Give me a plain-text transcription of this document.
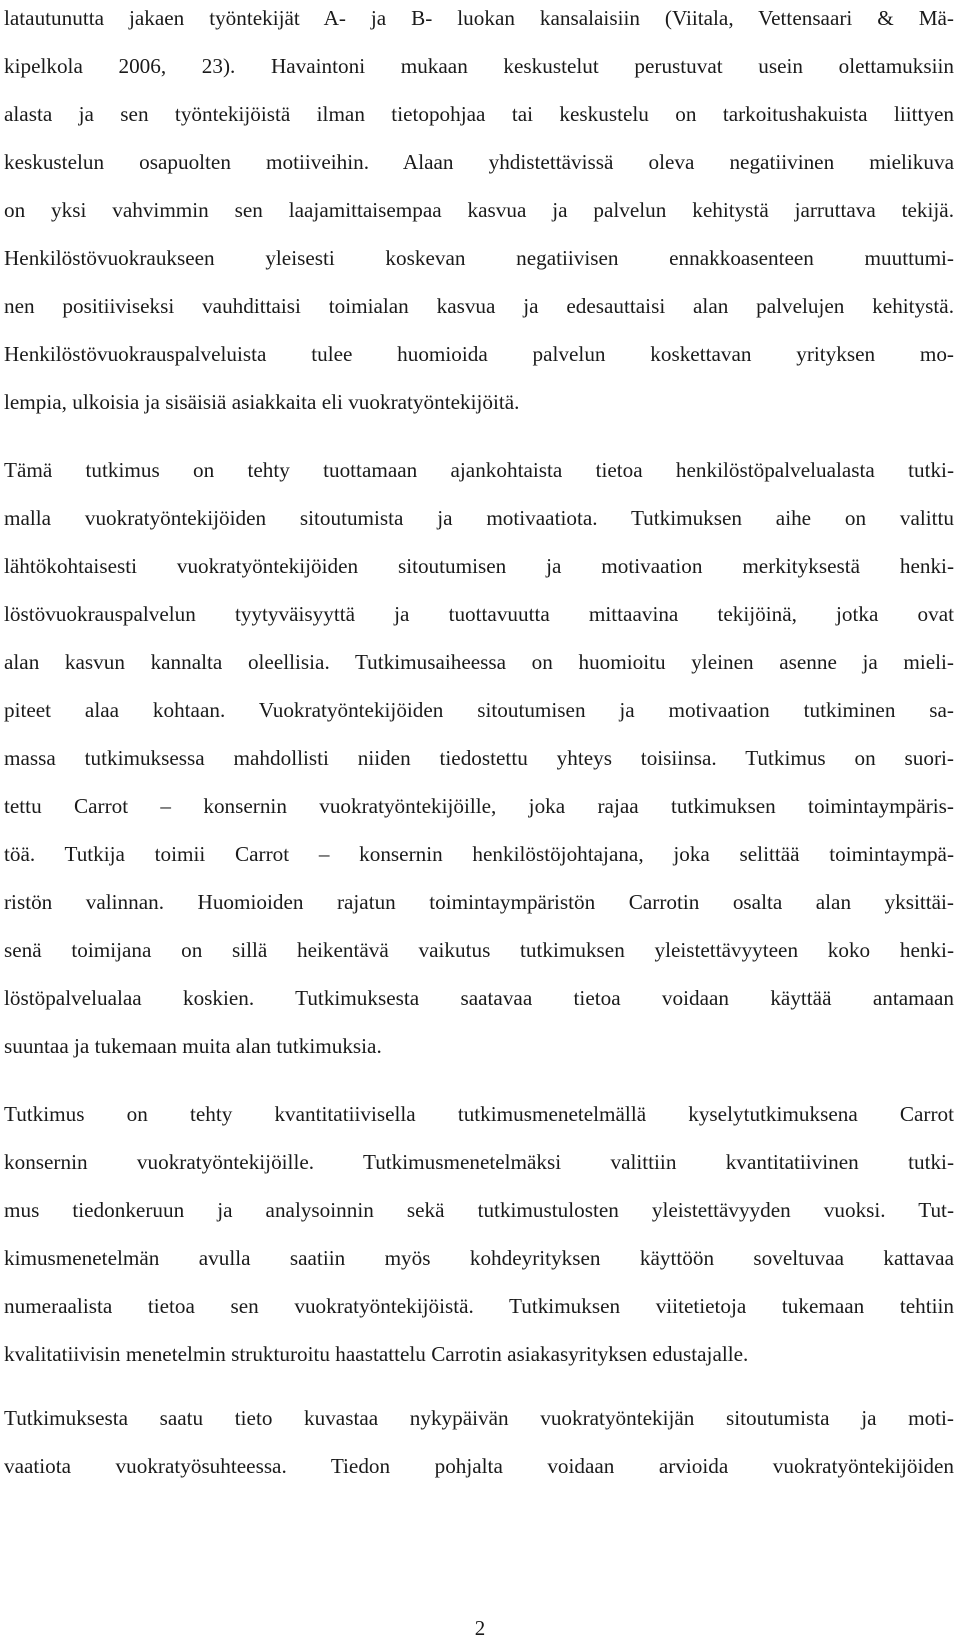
latautunutta jakaen työntekijät A- ja B- luokan kansalaisiin (Viitala, Vettensaari & Mä-
kipelkola 2006, 23). Havaintoni mukaan keskustelut perustuvat usein olettamuksiin
alasta ja sen työntekijöistä ilman tietopohjaa tai keskustelu on tarkoitushakuista liittyen
keskustelun osapuolten motiiveihin. Alaan yhdistettävissä oleva negatiivinen mielikuva
on yksi vahvimmin sen laajamittaisempaa kasvua ja palvelun kehitystä jarruttava tekijä.
Henkilöstövuokraukseen yleisesti koskevan negatiivisen ennakkoasenteen muuttumi-
nen positiiviseksi vauhdittaisi toimialan kasvua ja edesauttaisi alan palvelujen kehitystä.
Henkilöstövuokrauspalveluista tulee huomioida palvelun koskettavan yrityksen mo-
lempia, ulkoisia ja sisäisiä asiakkaita eli vuokratyöntekijöitä.
Tämä tutkimus on tehty tuottamaan ajankohtaista tietoa henkilöstöpalvelualasta tutki-
malla vuokratyöntekijöiden sitoutumista ja motivaatiota. Tutkimuksen aihe on valittu
lähtökohtaisesti vuokratyöntekijöiden sitoutumisen ja motivaation merkityksestä henki-
löstövuokrauspalvelun tyytyväisyyttä ja tuottavuutta mittaavina tekijöinä, jotka ovat
alan kasvun kannalta oleellisia. Tutkimusaiheessa on huomioitu yleinen asenne ja mieli-
piteet alaa kohtaan. Vuokratyöntekijöiden sitoutumisen ja motivaation tutkiminen sa-
massa tutkimuksessa mahdollisti niiden tiedostettu yhteys toisiinsa. Tutkimus on suori-
tettu Carrot – konsernin vuokratyöntekijöille, joka rajaa tutkimuksen toimintaympäris-
töä. Tutkija toimii Carrot – konsernin henkilöstöjohtajana, joka selittää toimintaympä-
ristön valinnan. Huomioiden rajatun toimintaympäristön Carrotin osalta alan yksittäi-
senä toimijana on sillä heikentävä vaikutus tutkimuksen yleistettävyyteen koko henki-
löstöpalvelualaa koskien. Tutkimuksesta saatavaa tietoa voidaan käyttää antamaan
suuntaa ja tukemaan muita alan tutkimuksia.
Tutkimus on tehty kvantitatiivisella tutkimusmenetelmällä kyselytutkimuksena Carrot
konsernin vuokratyöntekijöille. Tutkimusmenetelmäksi valittiin kvantitatiivinen tutki-
mus tiedonkeruun ja analysoinnin sekä tutkimustulosten yleistettävyyden vuoksi. Tut-
kimusmenetelmän avulla saatiin myös kohdeyrityksen käyttöön soveltuvaa kattavaa
numeraalista tietoa sen vuokratyöntekijöistä. Tutkimuksen viitetietoja tukemaan tehtiin
kvalitatiivisin menetelmin strukturoitu haastattelu Carrotin asiakasyrityksen edustajalle.
Tutkimuksesta saatu tieto kuvastaa nykypäivän vuokratyöntekijän sitoutumista ja moti-
vaatiota vuokratyösuhteessa. Tiedon pohjalta voidaan arvioida vuokratyöntekijöiden
2
